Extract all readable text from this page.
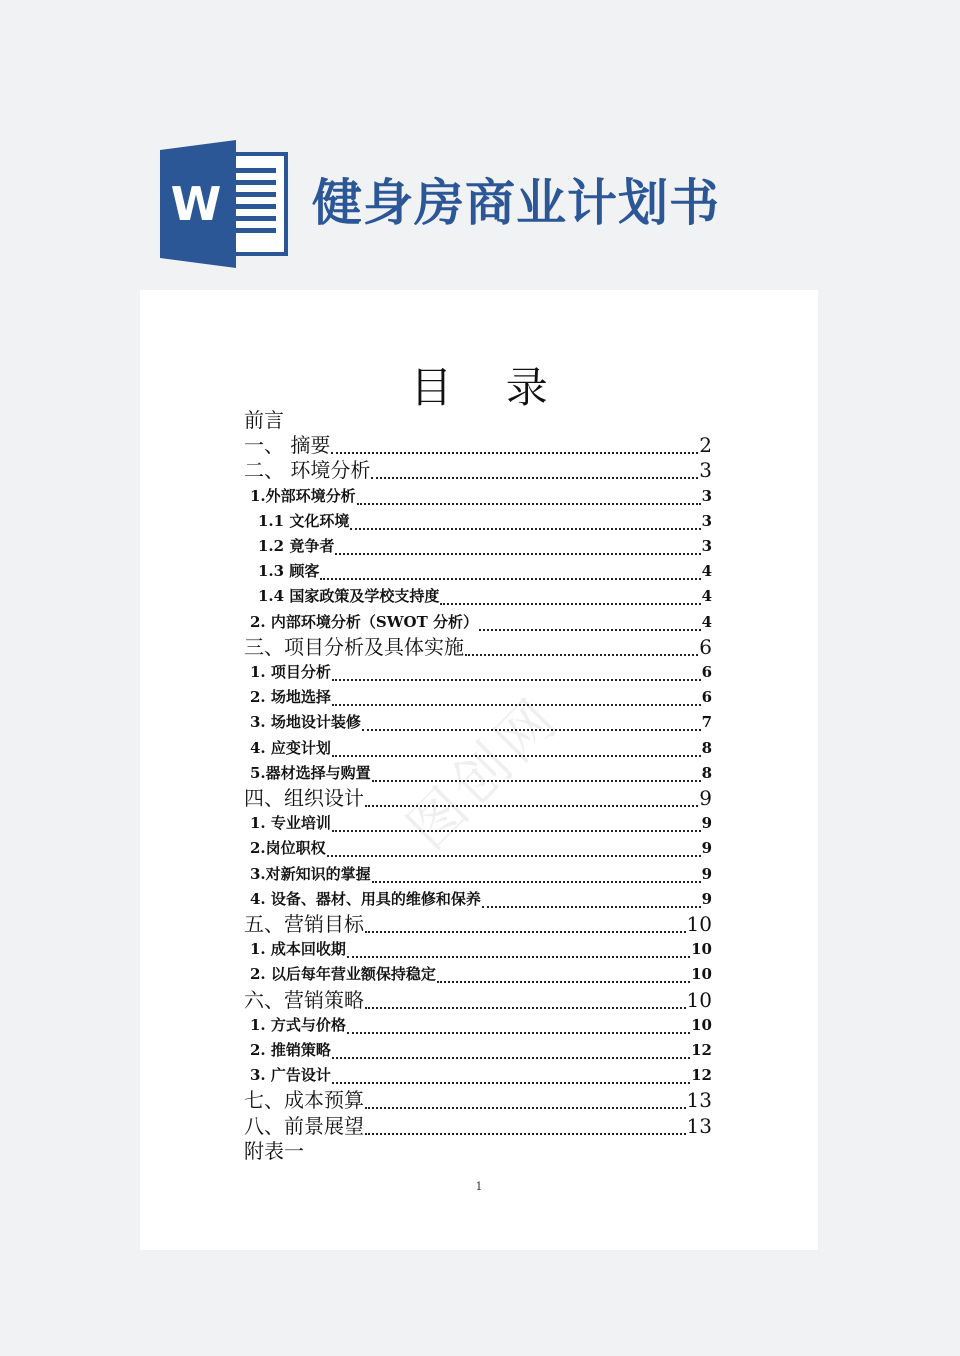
W 健身房商业计划书
图创网
目    录
前言
一、 摘要	2
二、 环境分析	3
1.外部环境分析	3
1.1 文化环境	3
1.2 竟争者	3
1.3 顾客	4
1.4 国家政策及学校支持度	4
2. 内部环境分析（SWOT 分析）	4
三、项目分析及具体实施	6
1. 项目分析	6
2. 场地选择	6
3. 场地设计装修	7
4. 应变计划	8
5.器材选择与购置	8
四、组织设计	9
1. 专业培训	9
2.岗位职权	9
3.对新知识的掌握	9
4. 设备、器材、用具的维修和保养	9
五、营销目标	10
1. 成本回收期	10
2. 以后每年营业额保持稳定	10
六、营销策略	10
1. 方式与价格	10
2. 推销策略	12
3. 广告设计	12
七、成本预算	13
八、前景展望	13
附表一
1
